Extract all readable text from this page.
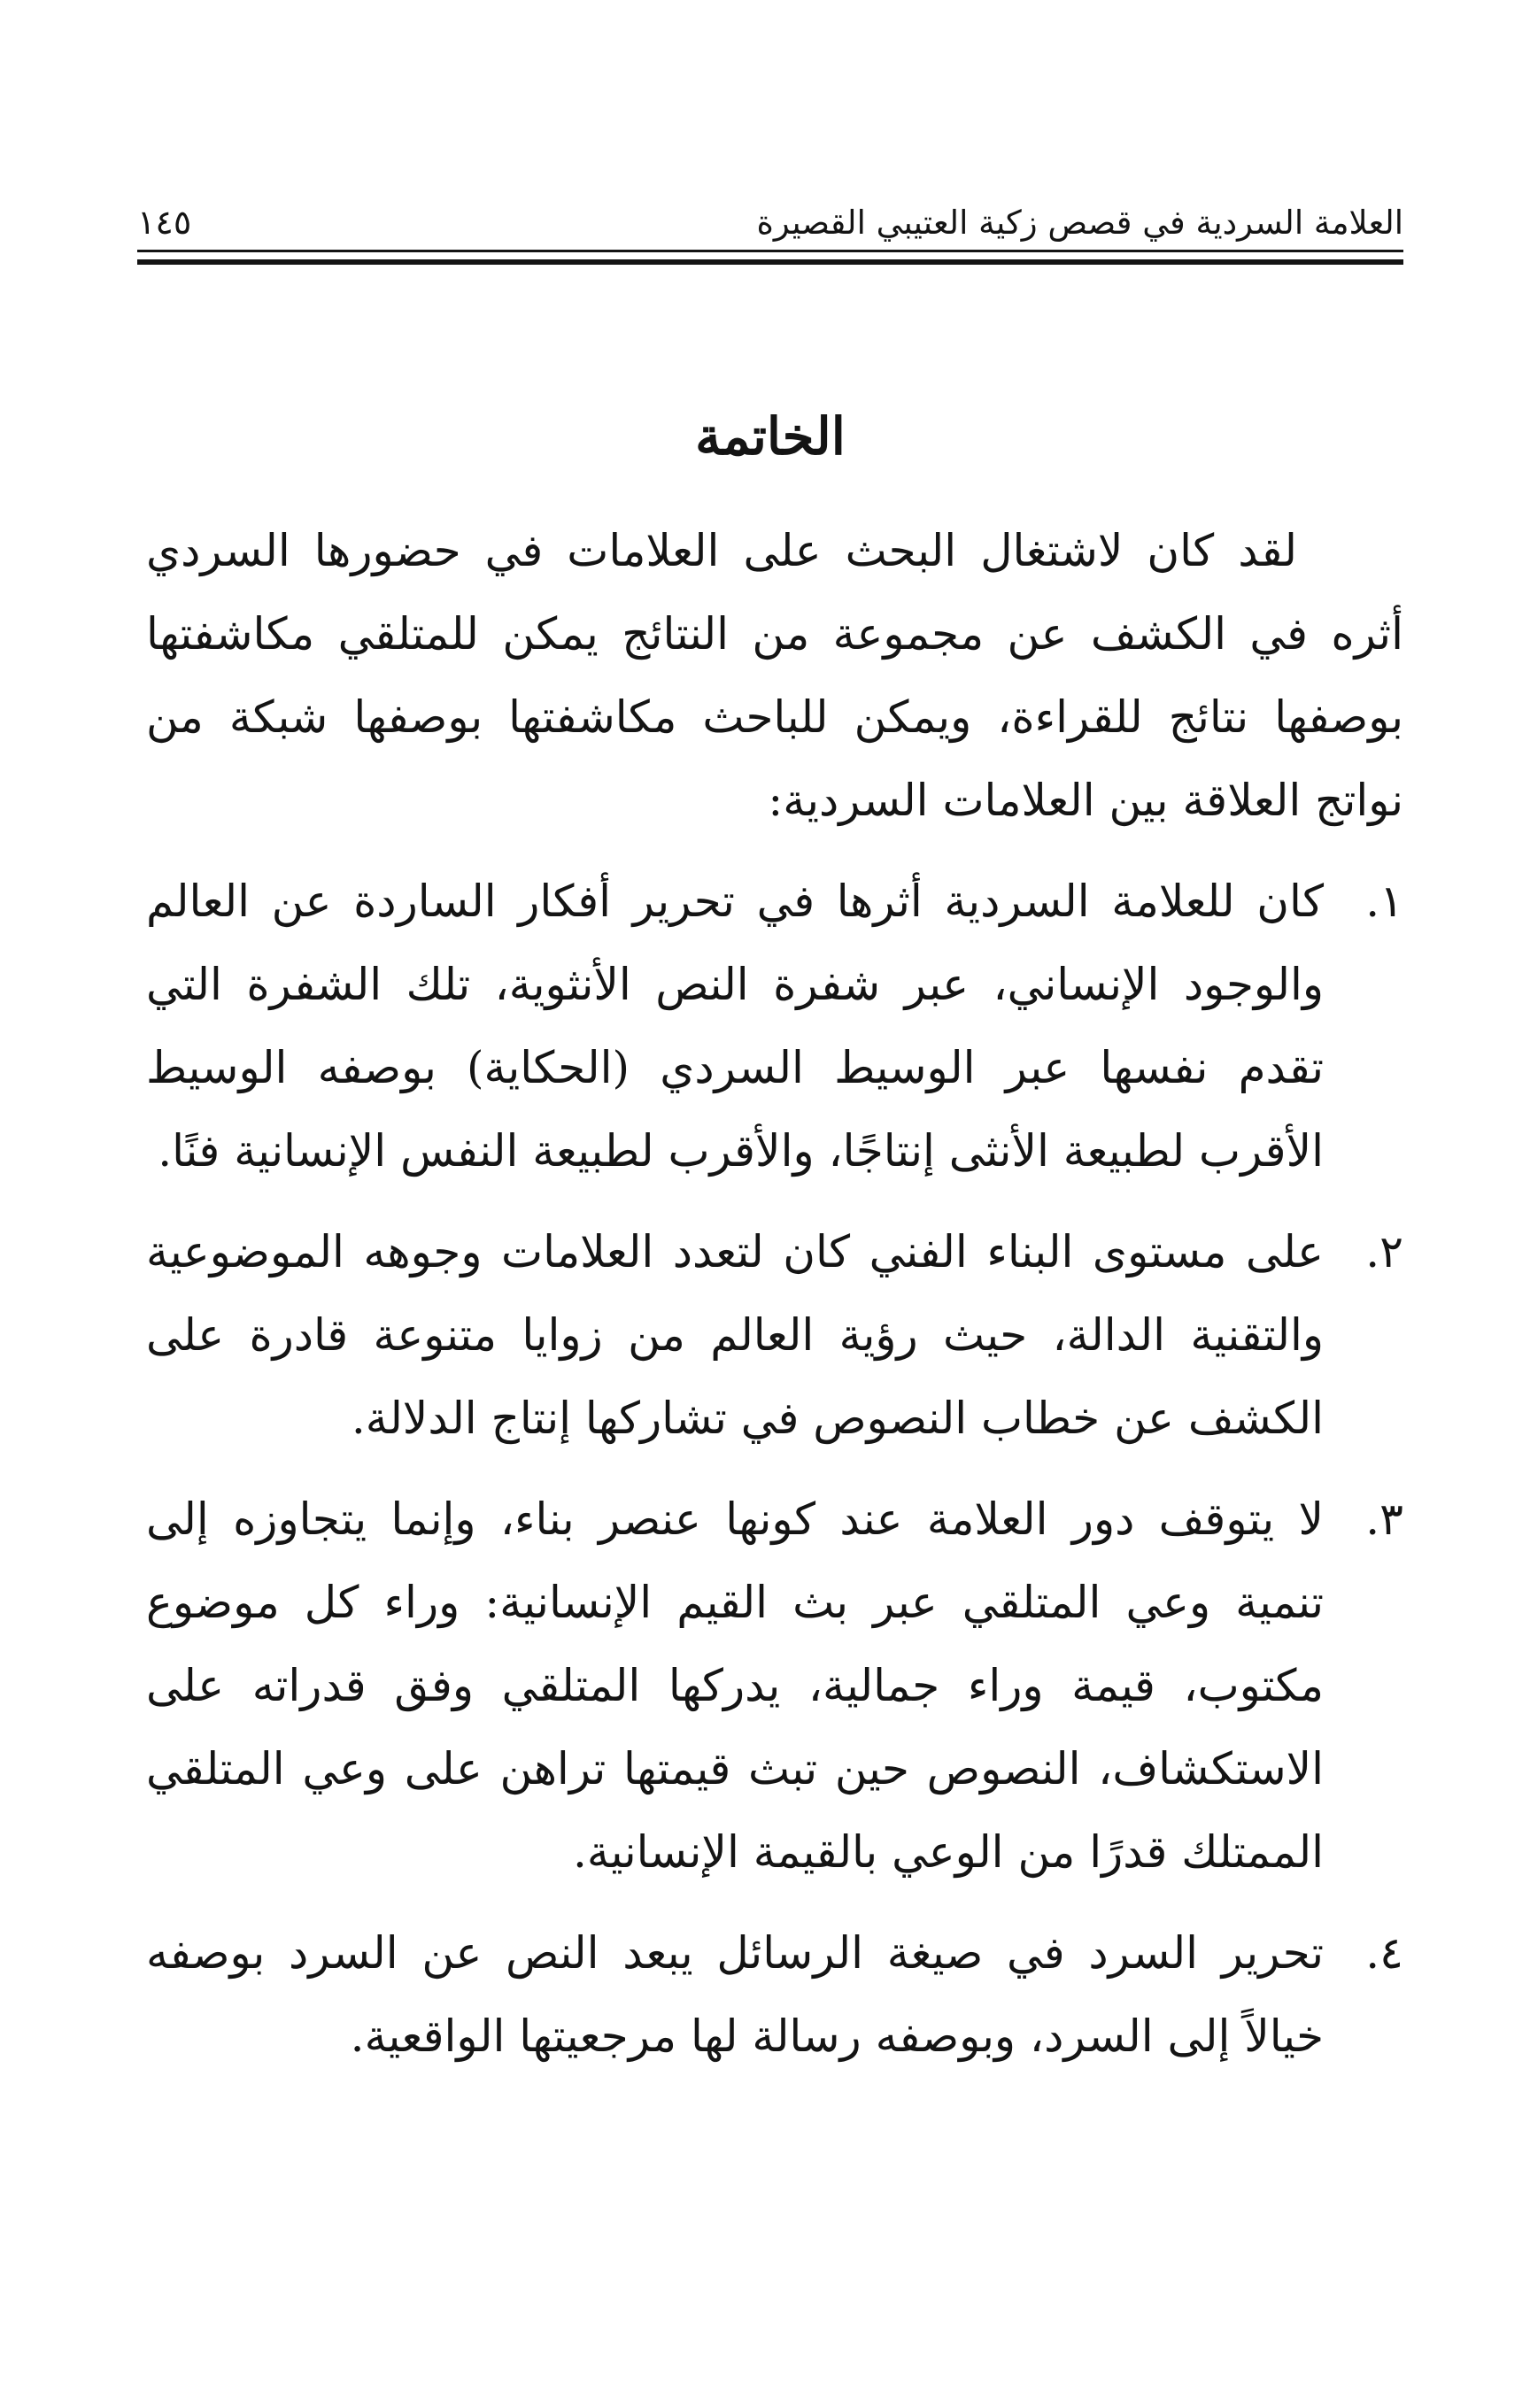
العلامة السردية في قصص زكية العتيبي القصيرة
١٤٥
الخاتمة

لقد كان لاشتغال البحث على العلامات في حضورها السردي أثره في الكشف عن مجموعة من النتائج يمكن للمتلقي مكاشفتها بوصفها نتائج للقراءة، ويمكن للباحث مكاشفتها بوصفها شبكة من نواتج العلاقة بين العلامات السردية:

١.
كان للعلامة السردية أثرها في تحرير أفكار الساردة عن العالم والوجود الإنساني، عبر شفرة النص الأنثوية، تلك الشفرة التي تقدم نفسها عبر الوسيط السردي (الحكاية) بوصفه الوسيط الأقرب لطبيعة الأنثى إنتاجًا، والأقرب لطبيعة النفس الإنسانية فنًا.
٢.
على مستوى البناء الفني كان لتعدد العلامات وجوهه الموضوعية والتقنية الدالة، حيث رؤية العالم من زوايا متنوعة قادرة على الكشف عن خطاب النصوص في تشاركها إنتاج الدلالة.
٣.
لا يتوقف دور العلامة عند كونها عنصر بناء، وإنما يتجاوزه إلى تنمية وعي المتلقي عبر بث القيم الإنسانية: وراء كل موضوع مكتوب، قيمة وراء جمالية، يدركها المتلقي وفق قدراته على الاستكشاف، النصوص حين تبث قيمتها تراهن على وعي المتلقي الممتلك قدرًا من الوعي بالقيمة الإنسانية.
٤.
تحرير السرد في صيغة الرسائل يبعد النص عن السرد بوصفه خيالاً إلى السرد، وبوصفه رسالة لها مرجعيتها الواقعية.
